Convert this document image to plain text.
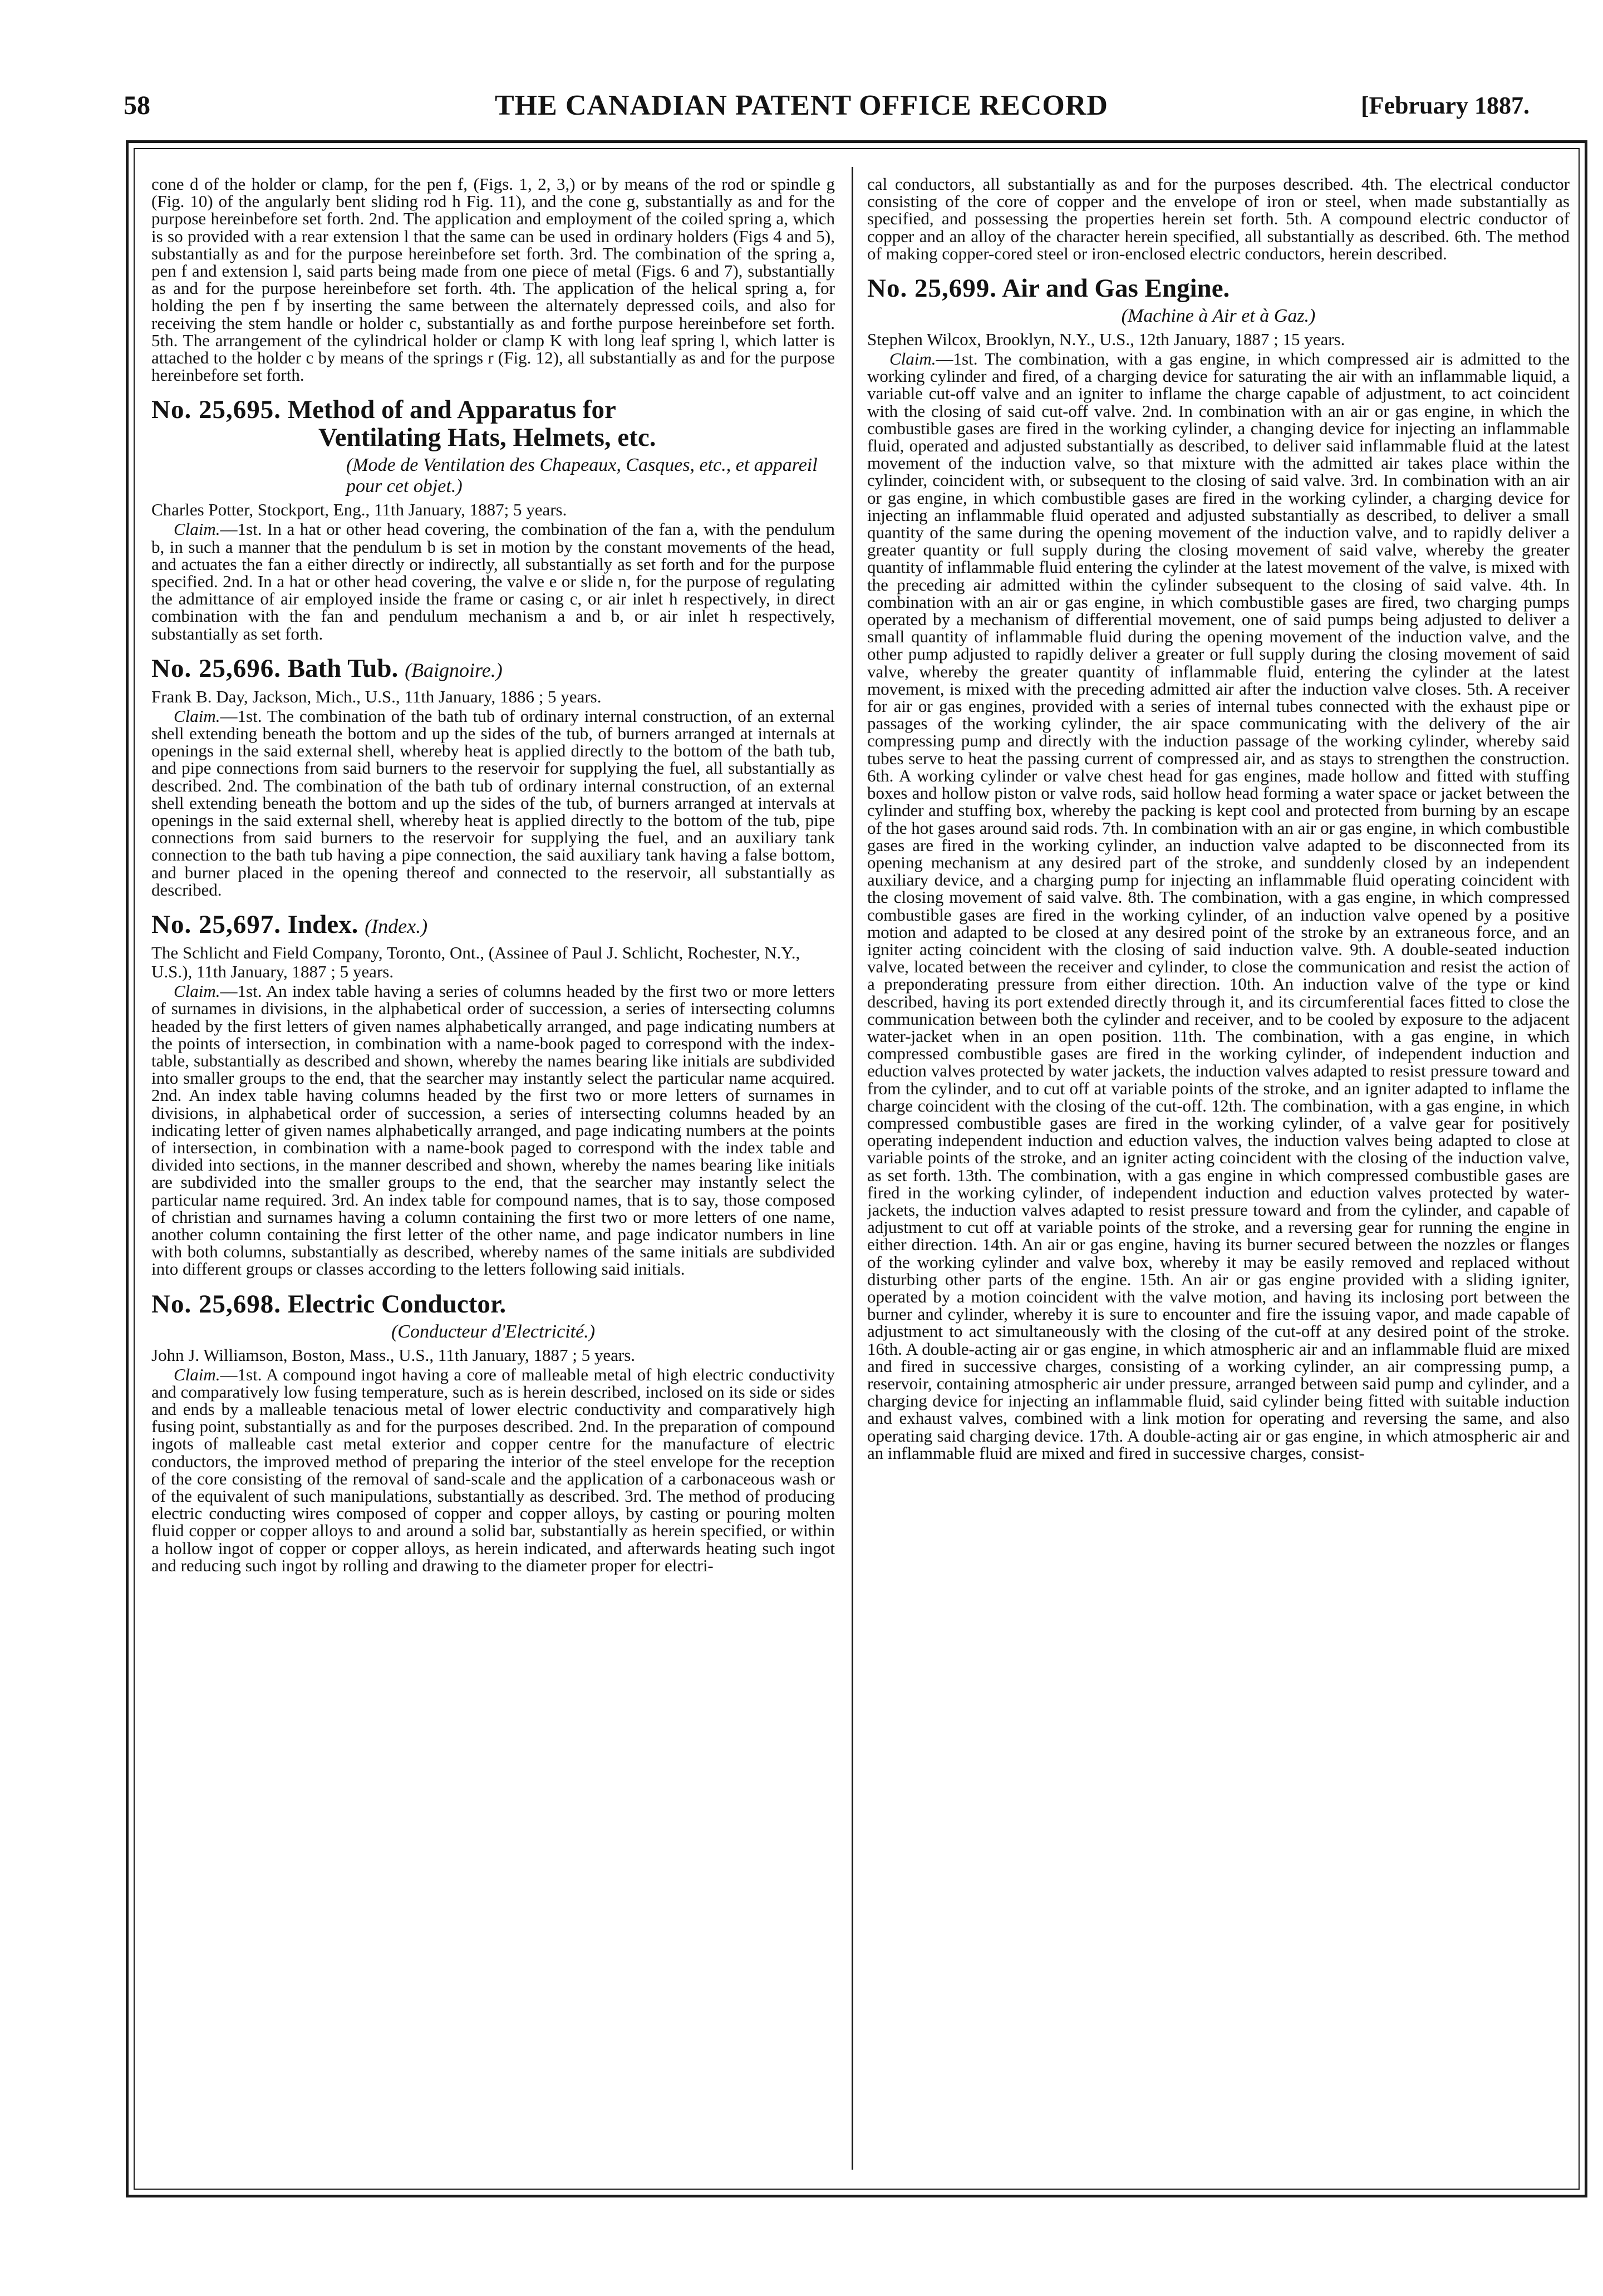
58	THE CANADIAN PATENT OFFICE RECORD	[February 1887.

cone d of the holder or clamp, for the pen f, (Figs. 1, 2, 3,) or by means of the rod or spindle g (Fig. 10) of the angularly bent sliding rod h Fig. 11), and the cone g, substantially as and for the purpose hereinbefore set forth. 2nd. The application and employment of the coiled spring a, which is so provided with a rear extension l that the same can be used in ordinary holders (Figs 4 and 5), substantially as and for the purpose hereinbefore set forth. 3rd. The combination of the spring a, pen f and extension l, said parts being made from one piece of metal (Figs. 6 and 7), substantially as and for the purpose hereinbefore set forth. 4th. The application of the helical spring a, for holding the pen f by inserting the same between the alternately depressed coils, and also for receiving the stem handle or holder c, substantially as and forthe purpose hereinbefore set forth. 5th. The arrangement of the cylindrical holder or clamp K with long leaf spring l, which latter is attached to the holder c by means of the springs r (Fig. 12), all substantially as and for the purpose hereinbefore set forth.

No. 25,695. Method of and Apparatus for
Ventilating Hats, Helmets, etc.

(Mode de Ventilation des Chapeaux, Casques, etc., et appareil pour cet objet.)

Charles Potter, Stockport, Eng., 11th January, 1887; 5 years.

Claim.—1st. In a hat or other head covering, the combination of the fan a, with the pendulum b, in such a manner that the pendulum b is set in motion by the constant movements of the head, and actuates the fan a either directly or indirectly, all substantially as set forth and for the purpose specified. 2nd. In a hat or other head covering, the valve e or slide n, for the purpose of regulating the admittance of air employed inside the frame or casing c, or air inlet h respectively, in direct combination with the fan and pendulum mechanism a and b, or air inlet h respectively, substantially as set forth.

No. 25,696. Bath Tub. (Baignoire.)

Frank B. Day, Jackson, Mich., U.S., 11th January, 1886 ; 5 years.

Claim.—1st. The combination of the bath tub of ordinary internal construction, of an external shell extending beneath the bottom and up the sides of the tub, of burners arranged at internals at openings in the said external shell, whereby heat is applied directly to the bottom of the bath tub, and pipe connections from said burners to the reservoir for supplying the fuel, all substantially as described. 2nd. The combination of the bath tub of ordinary internal construction, of an external shell extending beneath the bottom and up the sides of the tub, of burners arranged at intervals at openings in the said external shell, whereby heat is applied directly to the bottom of the tub, pipe connections from said burners to the reservoir for supplying the fuel, and an auxiliary tank connection to the bath tub having a pipe connection, the said auxiliary tank having a false bottom, and burner placed in the opening thereof and connected to the reservoir, all substantially as described.

No. 25,697. Index. (Index.)

The Schlicht and Field Company, Toronto, Ont., (Assinee of Paul J. Schlicht, Rochester, N.Y., U.S.), 11th January, 1887 ; 5 years.

Claim.—1st. An index table having a series of columns headed by the first two or more letters of surnames in divisions, in the alphabetical order of succession, a series of intersecting columns headed by the first letters of given names alphabetically arranged, and page indicating numbers at the points of intersection, in combination with a name-book paged to correspond with the index-table, substantially as described and shown, whereby the names bearing like initials are subdivided into smaller groups to the end, that the searcher may instantly select the particular name acquired. 2nd. An index table having columns headed by the first two or more letters of surnames in divisions, in alphabetical order of succession, a series of intersecting columns headed by an indicating letter of given names alphabetically arranged, and page indicating numbers at the points of intersection, in combination with a name-book paged to correspond with the index table and divided into sections, in the manner described and shown, whereby the names bearing like initials are subdivided into the smaller groups to the end, that the searcher may instantly select the particular name required. 3rd. An index table for compound names, that is to say, those composed of christian and surnames having a column containing the first two or more letters of one name, another column containing the first letter of the other name, and page indicator numbers in line with both columns, substantially as described, whereby names of the same initials are subdivided into different groups or classes according to the letters following said initials.

No. 25,698. Electric Conductor.

(Conducteur d'Electricité.)

John J. Williamson, Boston, Mass., U.S., 11th January, 1887 ; 5 years.

Claim.—1st. A compound ingot having a core of malleable metal of high electric conductivity and comparatively low fusing temperature, such as is herein described, inclosed on its side or sides and ends by a malleable tenacious metal of lower electric conductivity and comparatively high fusing point, substantially as and for the purposes described. 2nd. In the preparation of compound ingots of malleable cast metal exterior and copper centre for the manufacture of electric conductors, the improved method of preparing the interior of the steel envelope for the reception of the core consisting of the removal of sand-scale and the application of a carbonaceous wash or of the equivalent of such manipulations, substantially as described. 3rd. The method of producing electric conducting wires composed of copper and copper alloys, by casting or pouring molten fluid copper or copper alloys to and around a solid bar, substantially as herein specified, or within a hollow ingot of copper or copper alloys, as herein indicated, and afterwards heating such ingot and reducing such ingot by rolling and drawing to the diameter proper for electri-

cal conductors, all substantially as and for the purposes described. 4th. The electrical conductor consisting of the core of copper and the envelope of iron or steel, when made substantially as specified, and possessing the properties herein set forth. 5th. A compound electric conductor of copper and an alloy of the character herein specified, all substantially as described. 6th. The method of making copper-cored steel or iron-enclosed electric conductors, herein described.

No. 25,699. Air and Gas Engine.

(Machine à Air et à Gaz.)

Stephen Wilcox, Brooklyn, N.Y., U.S., 12th January, 1887 ; 15 years.

Claim.—1st. The combination, with a gas engine, in which compressed air is admitted to the working cylinder and fired, of a charging device for saturating the air with an inflammable liquid, a variable cut-off valve and an igniter to inflame the charge capable of adjustment, to act coincident with the closing of said cut-off valve. 2nd. In combination with an air or gas engine, in which the combustible gases are fired in the working cylinder, a changing device for injecting an inflammable fluid, operated and adjusted substantially as described, to deliver said inflammable fluid at the latest movement of the induction valve, so that mixture with the admitted air takes place within the cylinder, coincident with, or subsequent to the closing of said valve. 3rd. In combination with an air or gas engine, in which combustible gases are fired in the working cylinder, a charging device for injecting an inflammable fluid operated and adjusted substantially as described, to deliver a small quantity of the same during the opening movement of the induction valve, and to rapidly deliver a greater quantity or full supply during the closing movement of said valve, whereby the greater quantity of inflammable fluid entering the cylinder at the latest movement of the valve, is mixed with the preceding air admitted within the cylinder subsequent to the closing of said valve. 4th. In combination with an air or gas engine, in which combustible gases are fired, two charging pumps operated by a mechanism of differential movement, one of said pumps being adjusted to deliver a small quantity of inflammable fluid during the opening movement of the induction valve, and the other pump adjusted to rapidly deliver a greater or full supply during the closing movement of said valve, whereby the greater quantity of inflammable fluid, entering the cylinder at the latest movement, is mixed with the preceding admitted air after the induction valve closes. 5th. A receiver for air or gas engines, provided with a series of internal tubes connected with the exhaust pipe or passages of the working cylinder, the air space communicating with the delivery of the air compressing pump and directly with the induction passage of the working cylinder, whereby said tubes serve to heat the passing current of compressed air, and as stays to strengthen the construction. 6th. A working cylinder or valve chest head for gas engines, made hollow and fitted with stuffing boxes and hollow piston or valve rods, said hollow head forming a water space or jacket between the cylinder and stuffing box, whereby the packing is kept cool and protected from burning by an escape of the hot gases around said rods. 7th. In combination with an air or gas engine, in which combustible gases are fired in the working cylinder, an induction valve adapted to be disconnected from its opening mechanism at any desired part of the stroke, and sunddenly closed by an independent auxiliary device, and a charging pump for injecting an inflammable fluid operating coincident with the closing movement of said valve. 8th. The combination, with a gas engine, in which compressed combustible gases are fired in the working cylinder, of an induction valve opened by a positive motion and adapted to be closed at any desired point of the stroke by an extraneous force, and an igniter acting coincident with the closing of said induction valve. 9th. A double-seated induction valve, located between the receiver and cylinder, to close the communication and resist the action of a preponderating pressure from either direction. 10th. An induction valve of the type or kind described, having its port extended directly through it, and its circumferential faces fitted to close the communication between both the cylinder and receiver, and to be cooled by exposure to the adjacent water-jacket when in an open position. 11th. The combination, with a gas engine, in which compressed combustible gases are fired in the working cylinder, of independent induction and eduction valves protected by water jackets, the induction valves adapted to resist pressure toward and from the cylinder, and to cut off at variable points of the stroke, and an igniter adapted to inflame the charge coincident with the closing of the cut-off. 12th. The combination, with a gas engine, in which compressed combustible gases are fired in the working cylinder, of a valve gear for positively operating independent induction and eduction valves, the induction valves being adapted to close at variable points of the stroke, and an igniter acting coincident with the closing of the induction valve, as set forth. 13th. The combination, with a gas engine in which compressed combustible gases are fired in the working cylinder, of independent induction and eduction valves protected by water-jackets, the induction valves adapted to resist pressure toward and from the cylinder, and capable of adjustment to cut off at variable points of the stroke, and a reversing gear for running the engine in either direction. 14th. An air or gas engine, having its burner secured between the nozzles or flanges of the working cylinder and valve box, whereby it may be easily removed and replaced without disturbing other parts of the engine. 15th. An air or gas engine provided with a sliding igniter, operated by a motion coincident with the valve motion, and having its inclosing port between the burner and cylinder, whereby it is sure to encounter and fire the issuing vapor, and made capable of adjustment to act simultaneously with the closing of the cut-off at any desired point of the stroke. 16th. A double-acting air or gas engine, in which atmospheric air and an inflammable fluid are mixed and fired in successive charges, consisting of a working cylinder, an air compressing pump, a reservoir, containing atmospheric air under pressure, arranged between said pump and cylinder, and a charging device for injecting an inflammable fluid, said cylinder being fitted with suitable induction and exhaust valves, combined with a link motion for operating and reversing the same, and also operating said charging device. 17th. A double-acting air or gas engine, in which atmospheric air and an inflammable fluid are mixed and fired in successive charges, consist-
